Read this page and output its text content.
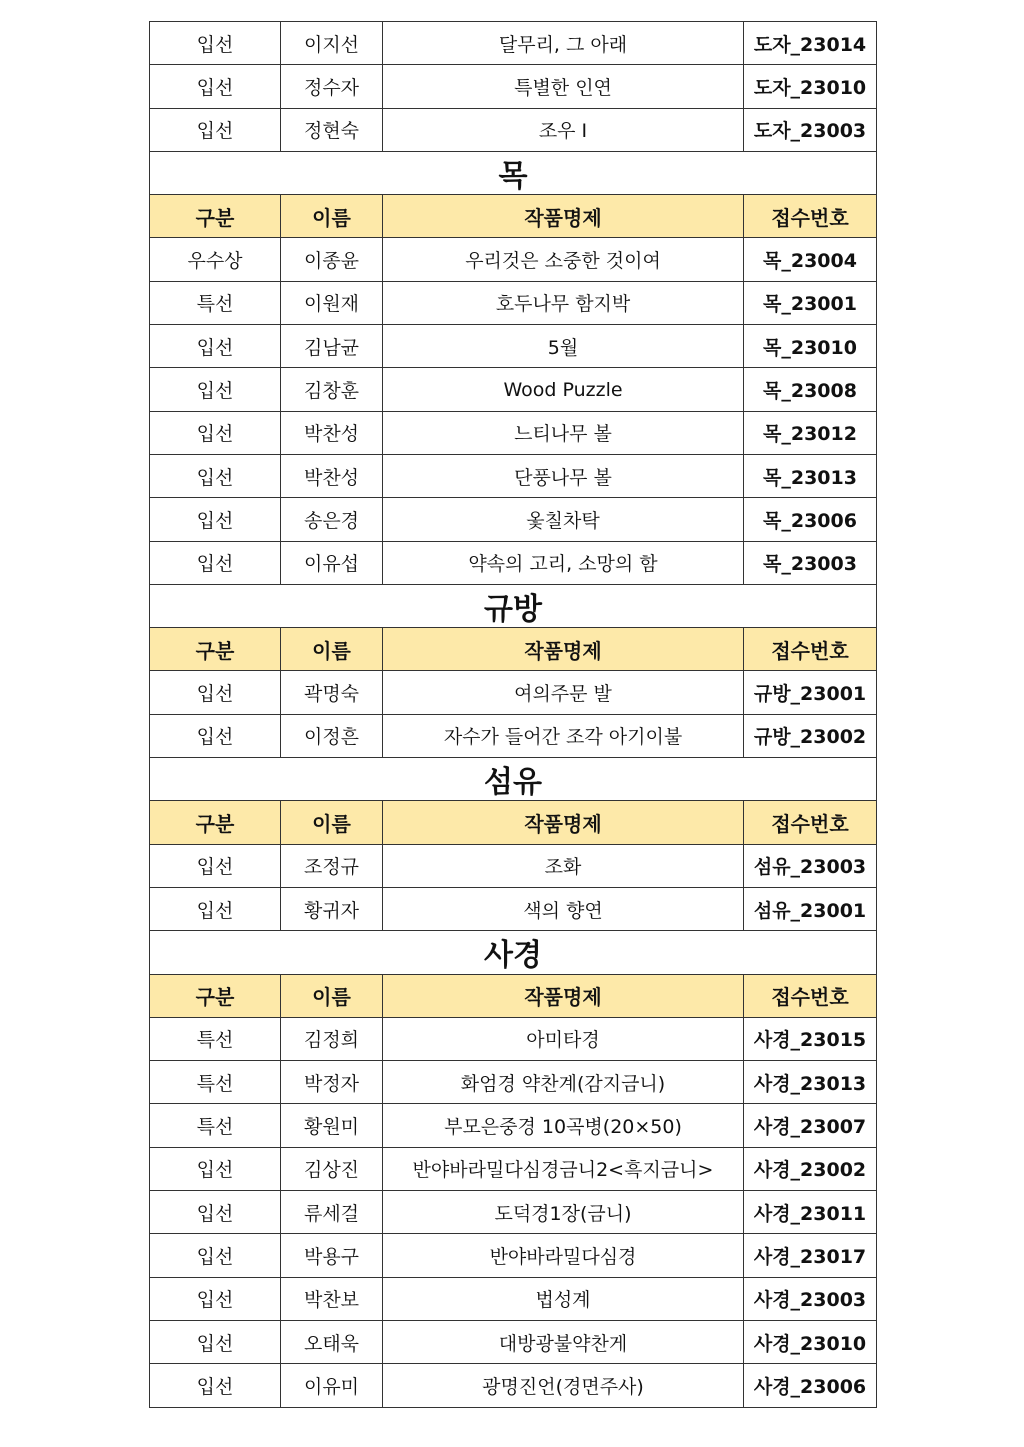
입선	이지선	달무리, 그 아래	도자_23014
입선	정수자	특별한 인연	도자_23010
입선	정현숙	조우 I	도자_23003
목
구분	이름	작품명제	접수번호
우수상	이종윤	우리것은 소중한 것이여	목_23004
특선	이원재	호두나무 함지박	목_23001
입선	김남균	5월	목_23010
입선	김창훈	Wood Puzzle	목_23008
입선	박찬성	느티나무 볼	목_23012
입선	박찬성	단풍나무 볼	목_23013
입선	송은경	옻칠차탁	목_23006
입선	이유섭	약속의 고리, 소망의 함	목_23003
규방
구분	이름	작품명제	접수번호
입선	곽명숙	여의주문 발	규방_23001
입선	이정흔	자수가 들어간 조각 아기이불	규방_23002
섬유
구분	이름	작품명제	접수번호
입선	조정규	조화	섬유_23003
입선	황귀자	색의 향연	섬유_23001
사경
구분	이름	작품명제	접수번호
특선	김정희	아미타경	사경_23015
특선	박정자	화엄경 약찬계(감지금니)	사경_23013
특선	황원미	부모은중경 10곡병(20×50)	사경_23007
입선	김상진	반야바라밀다심경금니2<흑지금니>	사경_23002
입선	류세걸	도덕경1장(금니)	사경_23011
입선	박용구	반야바라밀다심경	사경_23017
입선	박찬보	법성계	사경_23003
입선	오태욱	대방광불약찬게	사경_23010
입선	이유미	광명진언(경면주사)	사경_23006
